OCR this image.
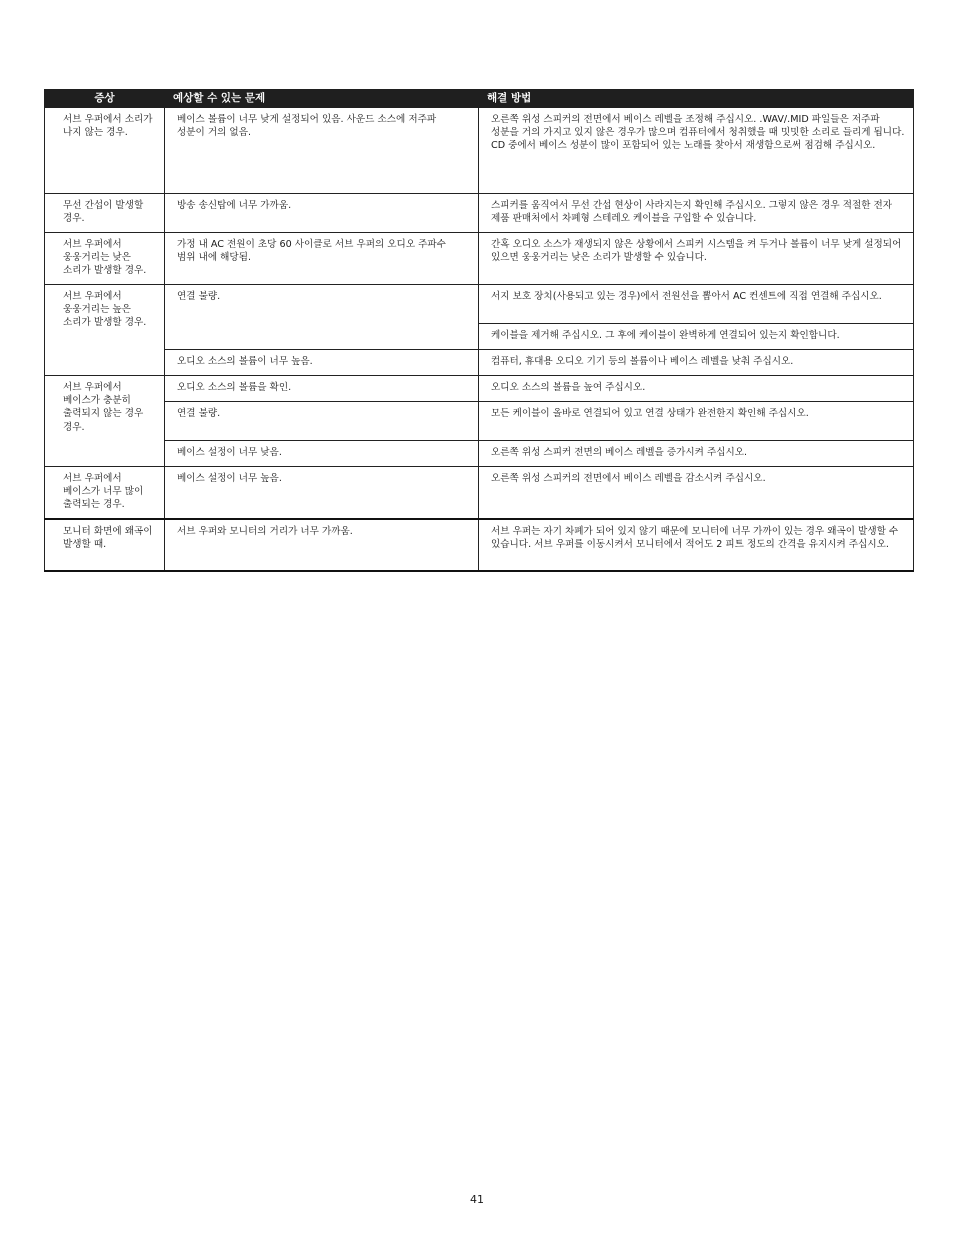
증상	예상할 수 있는 문제	해결 방법
서브 우퍼에서 소리가 나지 않는 경우.	베이스 볼륨이 너무 낮게 설정되어 있음. 사운드 소스에 저주파 성분이 거의 없음.	오른쪽 위성 스피커의 전면에서 베이스 레벨을 조정해 주십시오. .WAV/.MID 파일들은 저주파 성분을 거의 가지고 있지 않은 경우가 많으며 컴퓨터에서 청취했을 때 밋밋한 소리로 들리게 됩니다. CD 중에서 베이스 성분이 많이 포함되어 있는 노래를 찾아서 재생함으로써 점검해 주십시오.
무선 간섭이 발생할 경우.	방송 송신탑에 너무 가까움.	스피커를 움직여서 무선 간섭 현상이 사라지는지 확인해 주십시오. 그렇지 않은 경우 적절한 전자 제품 판매처에서 차폐형 스테레오 케이블을 구입할 수 있습니다.
서브 우퍼에서 웅웅거리는 낮은 소리가 발생할 경우.	가정 내 AC 전원이 초당 60 사이클로 서브 우퍼의 오디오 주파수 범위 내에 해당됨.	간혹 오디오 소스가 재생되지 않은 상황에서 스피커 시스템을 켜 두거나 볼륨이 너무 낮게 설정되어 있으면 웅웅거리는 낮은 소리가 발생할 수 있습니다.
서브 우퍼에서 웅웅거리는 높은 소리가 발생할 경우.	연결 불량.	서지 보호 장치(사용되고 있는 경우)에서 전원선을 뽑아서 AC 컨센트에 직접 연결해 주십시오.
		케이블을 제거해 주십시오. 그 후에 케이블이 완벽하게 연결되어 있는지 확인합니다.
	오디오 소스의 볼륨이 너무 높음.	컴퓨터, 휴대용 오디오 기기 등의 볼륨이나 베이스 레벨을 낮춰 주십시오.
서브 우퍼에서 베이스가 충분히 출력되지 않는 경우 경우.	오디오 소스의 볼륨을 확인.	오디오 소스의 볼륨을 높여 주십시오.
	연결 불량.	모든 케이블이 올바로 연결되어 있고 연결 상태가 완전한지 확인해 주십시오.
	베이스 설정이 너무 낮음.	오른쪽 위성 스피커 전면의 베이스 레벨을 증가시켜 주십시오.
서브 우퍼에서 베이스가 너무 많이 출력되는 경우.	베이스 설정이 너무 높음.	오른쪽 위성 스피커의 전면에서 베이스 레벨을 감소시켜 주십시오.
모니터 화면에 왜곡이 발생할 때.	서브 우퍼와 모니터의 거리가 너무 가까움.	서브 우퍼는 자기 차폐가 되어 있지 않기 때문에 모니터에 너무 가까이 있는 경우 왜곡이 발생할 수 있습니다. 서브 우퍼를 이동시켜서 모니터에서 적어도 2 피트 정도의 간격을 유지시켜 주십시오.
41
